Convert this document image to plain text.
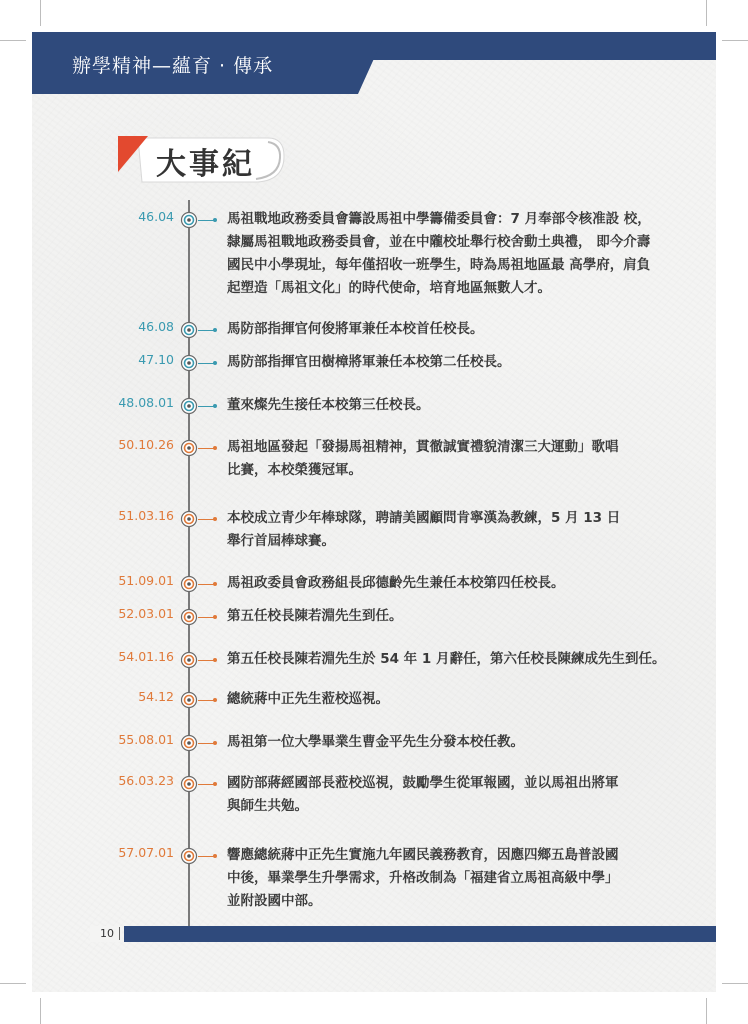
辦學精神—蘊育 · 傳承
大事紀
46.04	馬祖戰地政務委員會籌設馬祖中學籌備委員會：7 月奉部令核准設 校，
隸屬馬祖戰地政務委員會，並在中隴校址舉行校舍動土典禮， 即今介壽
國民中小學現址，每年僅招收一班學生，時為馬祖地區最 高學府，肩負
起塑造「馬祖文化」的時代使命，培育地區無數人才。
46.08	馬防部指揮官何俊將軍兼任本校首任校長。
47.10	馬防部指揮官田樹樟將軍兼任本校第二任校長。
48.08.01	董來燦先生接任本校第三任校長。
50.10.26	馬祖地區發起「發揚馬祖精神，貫徹誠實禮貌清潔三大運動」歌唱
比賽，本校榮獲冠軍。
51.03.16	本校成立青少年棒球隊，聘請美國顧問肯寧漢為教練，5 月 13 日
舉行首屆棒球賽。
51.09.01	馬祖政委員會政務組長邱德齡先生兼任本校第四任校長。
52.03.01	第五任校長陳若淵先生到任。
54.01.16	第五任校長陳若淵先生於 54 年 1 月辭任，第六任校長陳練成先生到任。
54.12	總統蔣中正先生蒞校巡視。
55.08.01	馬祖第一位大學畢業生曹金平先生分發本校任教。
56.03.23	國防部蔣經國部長蒞校巡視，鼓勵學生從軍報國，並以馬祖出將軍
與師生共勉。
57.07.01	響應總統蔣中正先生實施九年國民義務教育，因應四鄉五島普設國
中後，畢業學生升學需求，升格改制為「福建省立馬祖高級中學」
並附設國中部。
10
